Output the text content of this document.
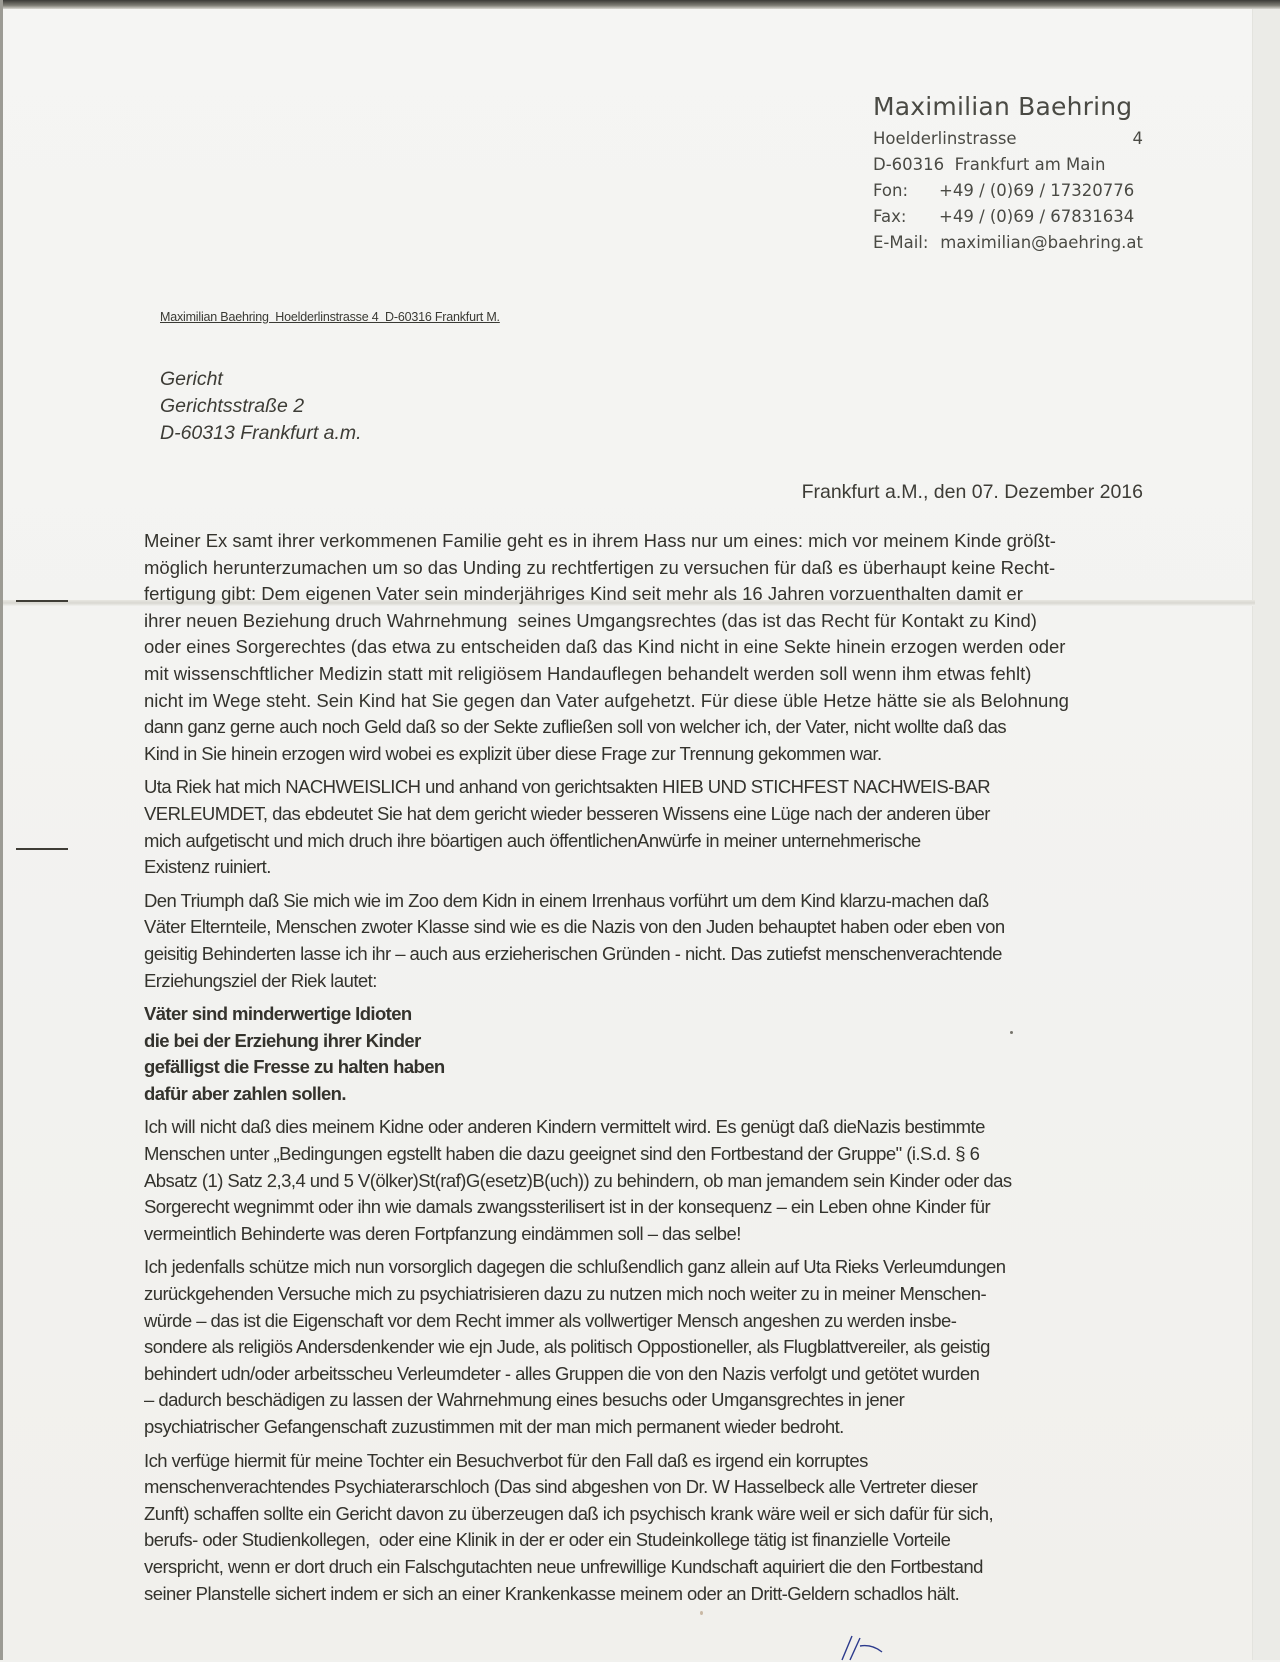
Maximilian Baehring
Hoelderlinstrasse	4
D-60316  Frankfurt am Main
Fon:	+49 / (0)69 / 17320776
Fax:	+49 / (0)69 / 67831634
E-Mail: maximilian@baehring.at
Maximilian Baehring  Hoelderlinstrasse 4  D-60316 Frankfurt M.
Gericht
Gerichtsstraße 2
D-60313 Frankfurt a.m.
Frankfurt a.M., den 07. Dezember 2016
Meiner Ex samt ihrer verkommenen Familie geht es in ihrem Hass nur um eines: mich vor meinem Kinde größt-
möglich herunterzumachen um so das Unding zu rechtfertigen zu versuchen für daß es überhaupt keine Recht-
fertigung gibt: Dem eigenen Vater sein minderjähriges Kind seit mehr als 16 Jahren vorzuenthalten damit er
ihrer neuen Beziehung druch Wahrnehmung  seines Umgangsrechtes (das ist das Recht für Kontakt zu Kind)
oder eines Sorgerechtes (das etwa zu entscheiden daß das Kind nicht in eine Sekte hinein erzogen werden oder
mit wissenschftlicher Medizin statt mit religiösem Handauflegen behandelt werden soll wenn ihm etwas fehlt)
nicht im Wege steht. Sein Kind hat Sie gegen dan Vater aufgehetzt. Für diese üble Hetze hätte sie als Belohnung
dann ganz gerne auch noch Geld daß so der Sekte zufließen soll von welcher ich, der Vater, nicht wollte daß das
Kind in Sie hinein erzogen wird wobei es explizit über diese Frage zur Trennung gekommen war.
Uta Riek hat mich NACHWEISLICH und anhand von gerichtsakten HIEB UND STICHFEST NACHWEIS-BAR
VERLEUMDET, das ebdeutet Sie hat dem gericht wieder besseren Wissens eine Lüge nach der anderen über
mich aufgetischt und mich druch ihre böartigen auch öffentlichenAnwürfe in meiner unternehmerische
Existenz ruiniert.
Den Triumph daß Sie mich wie im Zoo dem Kidn in einem Irrenhaus vorführt um dem Kind klarzu-machen daß
Väter Elternteile, Menschen zwoter Klasse sind wie es die Nazis von den Juden behauptet haben oder eben von
geisitig Behinderten lasse ich ihr – auch aus erzieherischen Gründen - nicht. Das zutiefst menschenverachtende
Erziehungsziel der Riek lautet:
Väter sind minderwertige Idioten
die bei der Erziehung ihrer Kinder
gefälligst die Fresse zu halten haben
dafür aber zahlen sollen.
Ich will nicht daß dies meinem Kidne oder anderen Kindern vermittelt wird. Es genügt daß dieNazis bestimmte
Menschen unter „Bedingungen egstellt haben die dazu geeignet sind den Fortbestand der Gruppe" (i.S.d. § 6
Absatz (1) Satz 2,3,4 und 5 V(ölker)St(raf)G(esetz)B(uch)) zu behindern, ob man jemandem sein Kinder oder das
Sorgerecht wegnimmt oder ihn wie damals zwangssterilisert ist in der konsequenz – ein Leben ohne Kinder für
vermeintlich Behinderte was deren Fortpfanzung eindämmen soll – das selbe!
Ich jedenfalls schütze mich nun vorsorglich dagegen die schlußendlich ganz allein auf Uta Rieks Verleumdungen
zurückgehenden Versuche mich zu psychiatrisieren dazu zu nutzen mich noch weiter zu in meiner Menschen-
würde – das ist die Eigenschaft vor dem Recht immer als vollwertiger Mensch angeshen zu werden insbe-
sondere als religiös Andersdenkender wie ejn Jude, als politisch Oppostioneller, als Flugblattvereiler, als geistig
behindert udn/oder arbeitsscheu Verleumdeter - alles Gruppen die von den Nazis verfolgt und getötet wurden
– dadurch beschädigen zu lassen der Wahrnehmung eines besuchs oder Umgansgrechtes in jener
psychiatrischer Gefangenschaft zuzustimmen mit der man mich permanent wieder bedroht.
Ich verfüge hiermit für meine Tochter ein Besuchverbot für den Fall daß es irgend ein korruptes
menschenverachtendes Psychiaterarschloch (Das sind abgeshen von Dr. W Hasselbeck alle Vertreter dieser
Zunft) schaffen sollte ein Gericht davon zu überzeugen daß ich psychisch krank wäre weil er sich dafür für sich,
berufs- oder Studienkollegen,  oder eine Klinik in der er oder ein Studeinkollege tätig ist finanzielle Vorteile
verspricht, wenn er dort druch ein Falschgutachten neue unfrewillige Kundschaft aquiriert die den Fortbestand
seiner Planstelle sichert indem er sich an einer Krankenkasse meinem oder an Dritt-Geldern schadlos hält.
